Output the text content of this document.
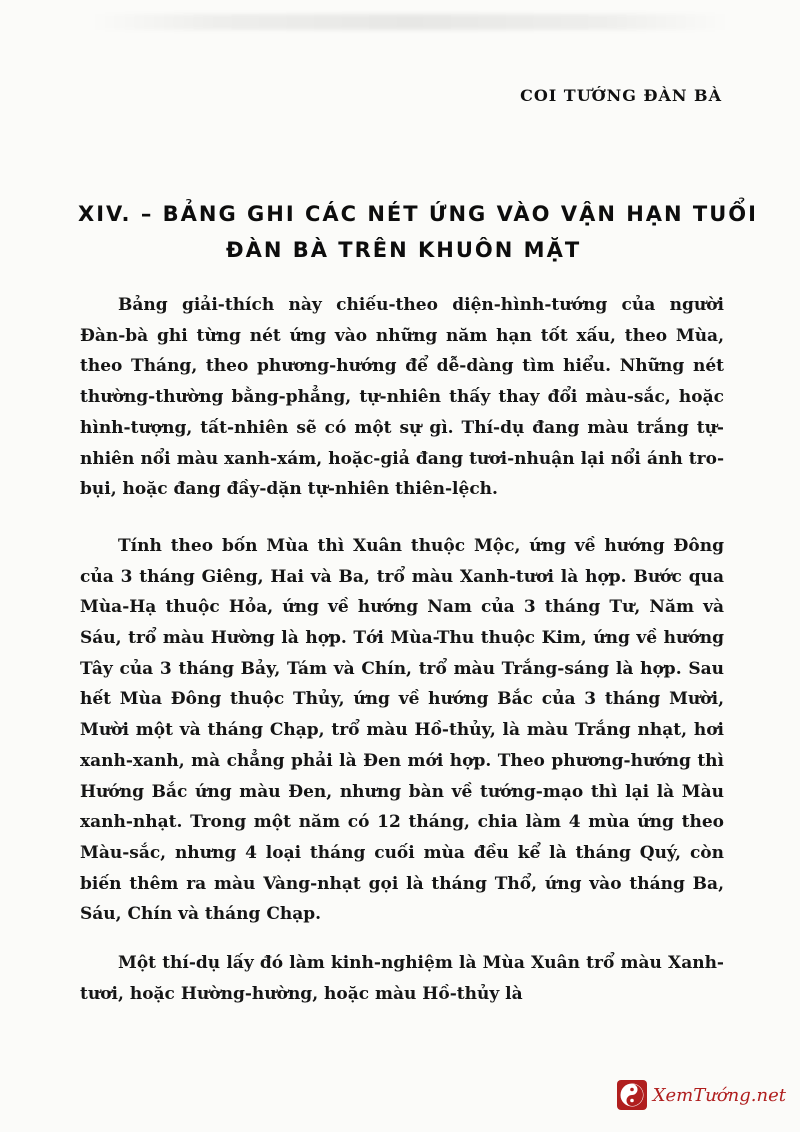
COI TƯỚNG ĐÀN BÀ
XIV. – BẢNG GHI CÁC NÉT ỨNG VÀO VẬN HẠN TUỔI
ĐÀN BÀ TRÊN KHUÔN MẶT

Bảng giải-thích này chiếu-theo diện-hình-tướng của người Đàn-bà ghi từng nét ứng vào những năm hạn tốt xấu, theo Mùa, theo Tháng, theo phương-hướng để dễ-dàng tìm hiểu. Những nét thường-thường bằng-phẳng, tự-nhiên thấy thay đổi màu-sắc, hoặc hình-tượng, tất-nhiên sẽ có một sự gì. Thí-dụ đang màu trắng tự-nhiên nổi màu xanh-xám, hoặc-giả đang tươi-nhuận lại nổi ánh tro-bụi, hoặc đang đầy-dặn tự-nhiên thiên-lệch.

Tính theo bốn Mùa thì Xuân thuộc Mộc, ứng về hướng Đông của 3 tháng Giêng, Hai và Ba, trổ màu Xanh-tươi là hợp. Bước qua Mùa-Hạ thuộc Hỏa, ứng về hướng Nam của 3 tháng Tư, Năm và Sáu, trổ màu Hường là hợp. Tới Mùa-Thu thuộc Kim, ứng về hướng Tây của 3 tháng Bảy, Tám và Chín, trổ màu Trắng-sáng là hợp. Sau hết Mùa Đông thuộc Thủy, ứng về hướng Bắc của 3 tháng Mười, Mười một và tháng Chạp, trổ màu Hồ-thủy, là màu Trắng nhạt, hơi xanh-xanh, mà chẳng phải là Đen mới hợp. Theo phương-hướng thì Hướng Bắc ứng màu Đen, nhưng bàn về tướng-mạo thì lại là Màu xanh-nhạt. Trong một năm có 12 tháng, chia làm 4 mùa ứng theo Màu-sắc, nhưng 4 loại tháng cuối mùa đều kể là tháng Quý, còn biến thêm ra màu Vàng-nhạt gọi là tháng Thổ, ứng vào tháng Ba, Sáu, Chín và tháng Chạp.

Một thí-dụ lấy đó làm kinh-nghiệm là Mùa Xuân trổ màu Xanh-tươi, hoặc Hường-hường, hoặc màu Hồ-thủy là

XemTướng.net
